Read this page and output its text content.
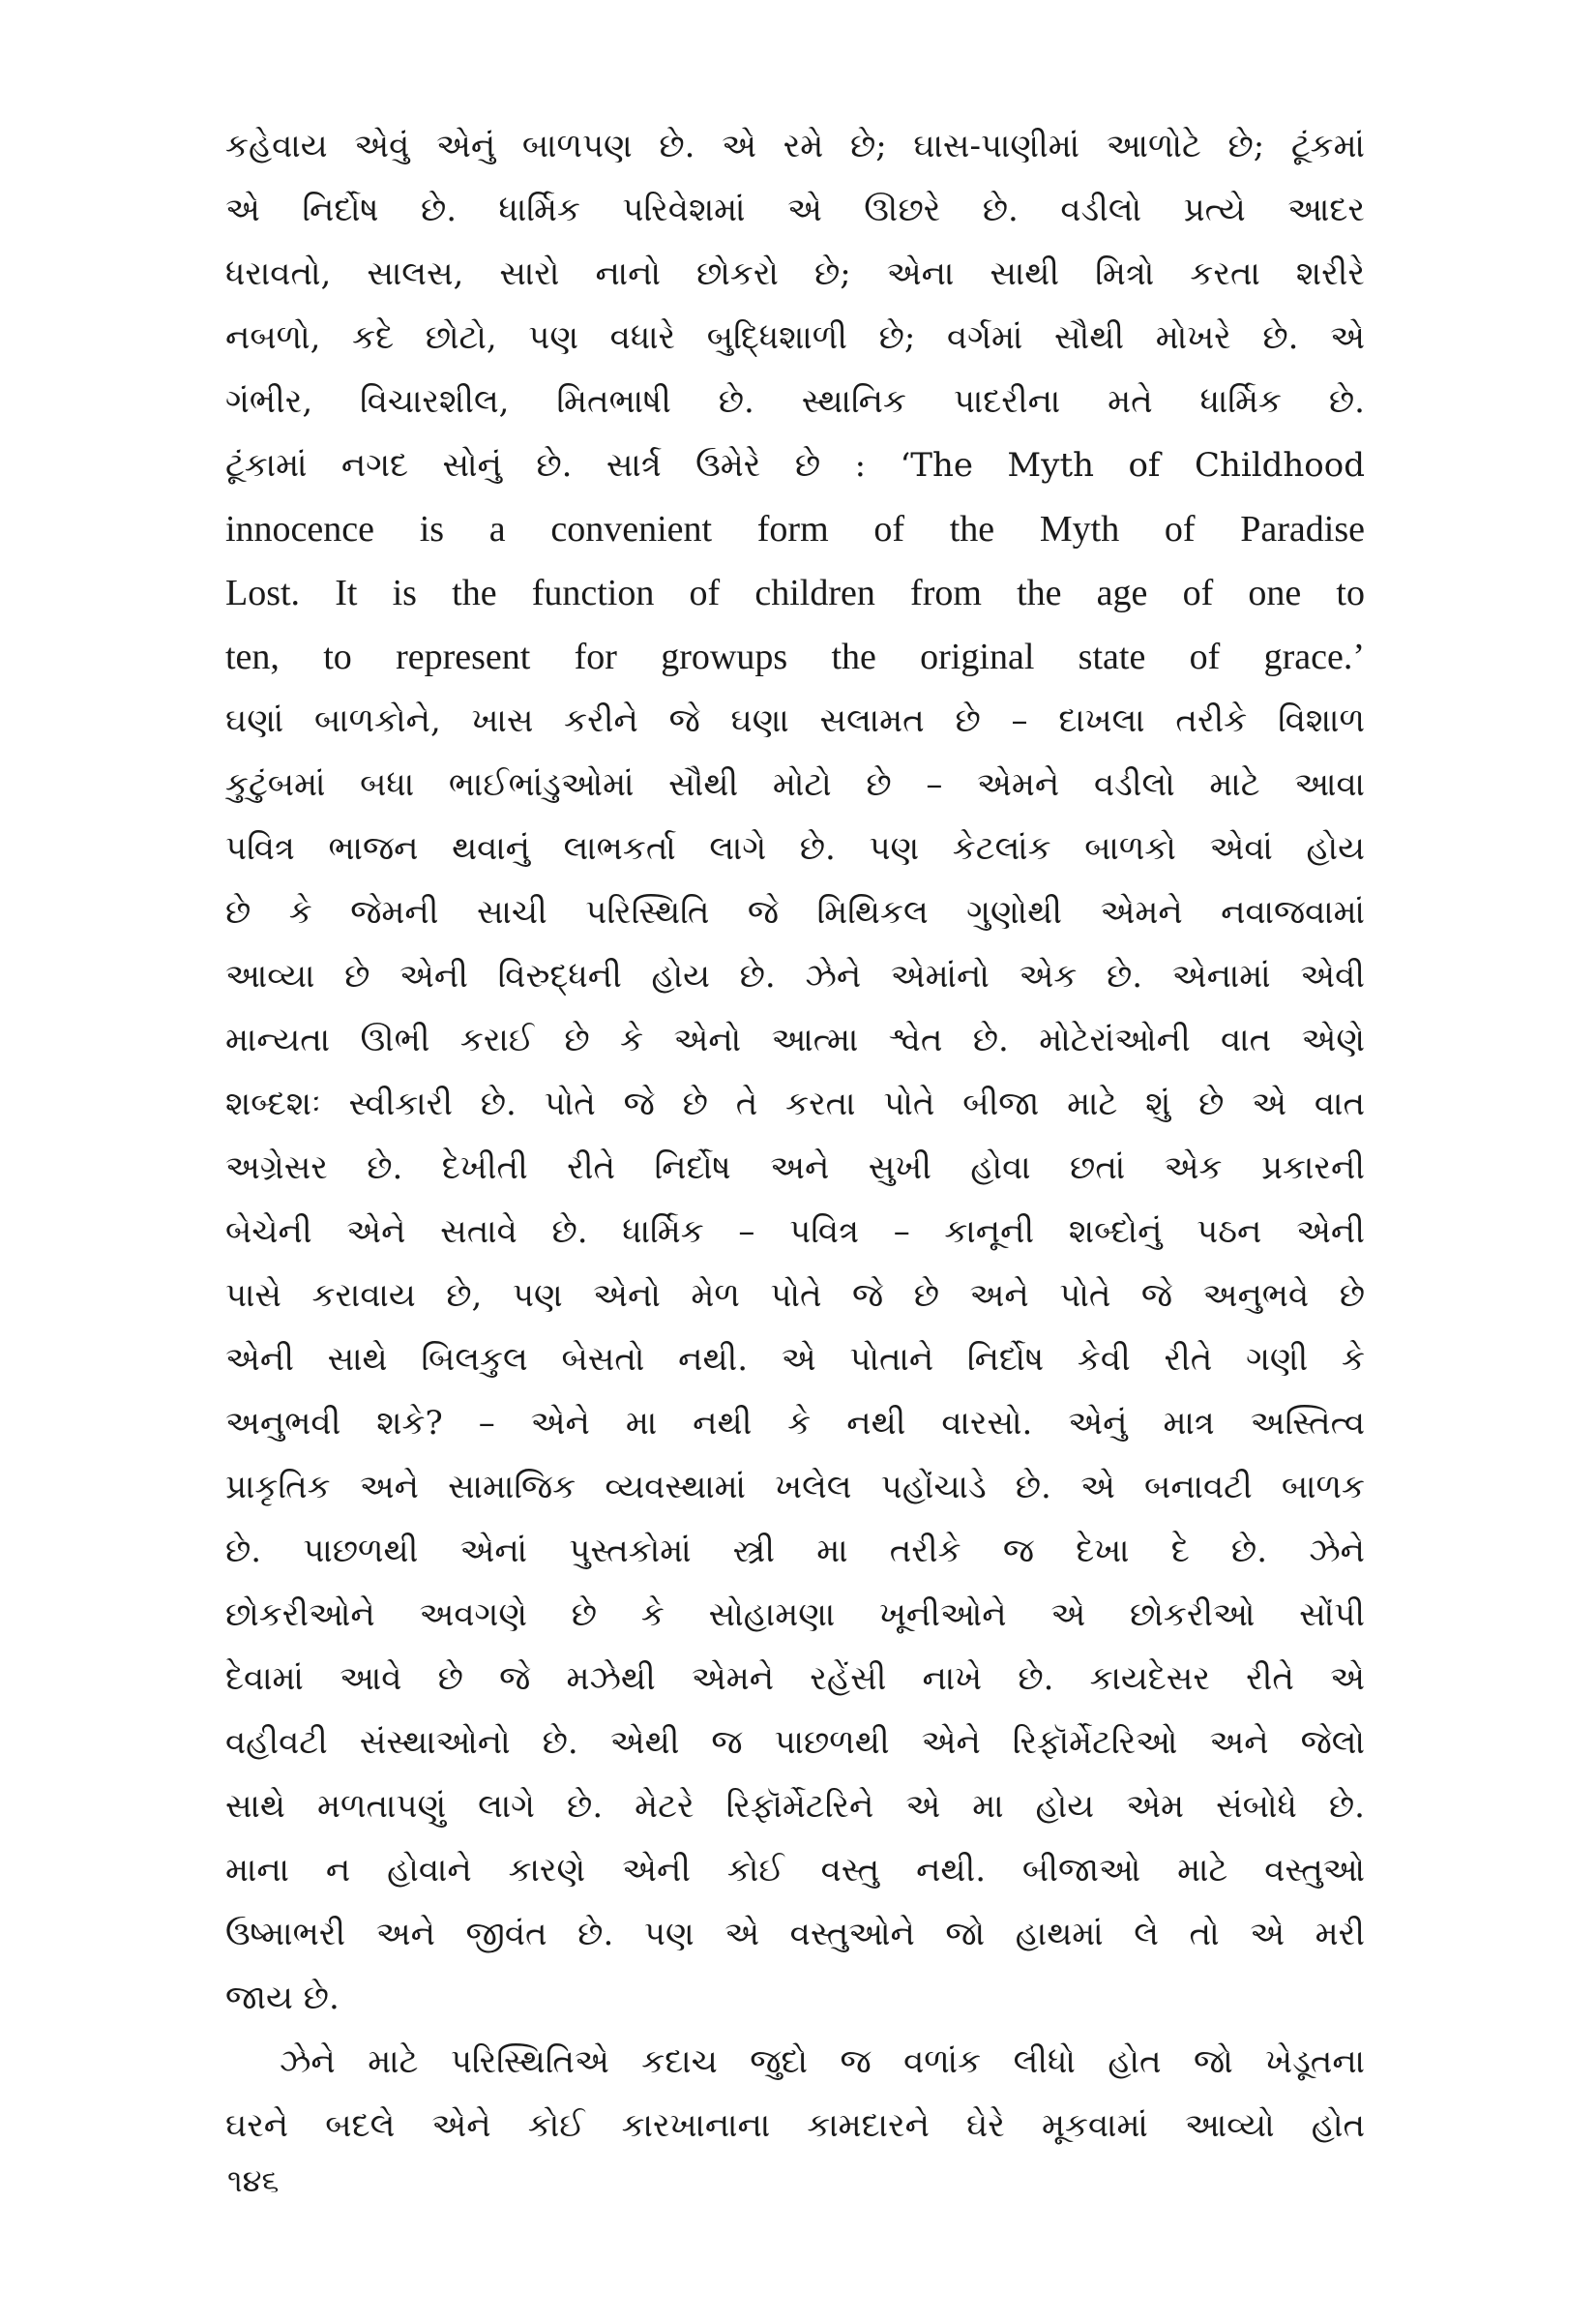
કહેવાય એવું એનું બાળપણ છે. એ રમે છે; ઘાસ-પાણીમાં આળોટે છે; ટૂંકમાં
એ નિર્દોષ છે. ધાર્મિક પરિવેશમાં એ ઊછરે છે. વડીલો પ્રત્યે આદર
ધરાવતો, સાલસ, સારો નાનો છોકરો છે; એના સાથી મિત્રો કરતા શરીરે
નબળો, કદે છોટો, પણ વધારે બુદ્ધિશાળી છે; વર્ગમાં સૌથી મોખરે છે. એ
ગંભીર, વિચારશીલ, મિતભાષી છે. સ્થાનિક પાદરીના મતે ધાર્મિક છે.
ટૂંકામાં નગદ સોનું છે. સાર્ત્ર ઉમેરે છે : ‘The Myth of Childhood
innocence is a convenient form of the Myth of Paradise
Lost. It is the function of children from the age of one to
ten, to represent for growups the original state of grace.’
ઘણાં બાળકોને, ખાસ કરીને જે ઘણા સલામત છે – દાખલા તરીકે વિશાળ
કુટુંબમાં બધા ભાઈભાંડુઓમાં સૌથી મોટો છે – એમને વડીલો માટે આવા
પવિત્ર ભાજન થવાનું લાભકર્તા લાગે છે. પણ કેટલાંક બાળકો એવાં હોય
છે કે જેમની સાચી પરિસ્થિતિ જે મિથિકલ ગુણોથી એમને નવાજવામાં
આવ્યા છે એની વિરુદ્ધની હોય છે. ઝેને એમાંનો એક છે. એનામાં એવી
માન્યતા ઊભી કરાઈ છે કે એનો આત્મા શ્વેત છે. મોટેરાંઓની વાત એણે
શબ્દશઃ સ્વીકારી છે. પોતે જે છે તે કરતા પોતે બીજા માટે શું છે એ વાત
અગ્રેસર છે. દેખીતી રીતે નિર્દોષ અને સુખી હોવા છતાં એક પ્રકારની
બેચેની એને સતાવે છે. ધાર્મિક – પવિત્ર – કાનૂની શબ્દોનું પઠન એની
પાસે કરાવાય છે, પણ એનો મેળ પોતે જે છે અને પોતે જે અનુભવે છે
એની સાથે બિલકુલ બેસતો નથી. એ પોતાને નિર્દોષ કેવી રીતે ગણી કે
અનુભવી શકે? – એને મા નથી કે નથી વારસો. એનું માત્ર અસ્તિત્વ
પ્રાકૃતિક અને સામાજિક વ્યવસ્થામાં ખલેલ પહોંચાડે છે. એ બનાવટી બાળક
છે. પાછળથી એનાં પુસ્તકોમાં સ્ત્રી મા તરીકે જ દેખા દે છે. ઝેને
છોકરીઓને અવગણે છે કે સોહામણા ખૂનીઓને એ છોકરીઓ સોંપી
દેવામાં આવે છે જે મઝેથી એમને રહેંસી નાખે છે. કાયદેસર રીતે એ
વહીવટી સંસ્થાઓનો છે. એથી જ પાછળથી એને રિફૉર્મેટરિઓ અને જેલો
સાથે મળતાપણું લાગે છે. મેટરે રિફૉર્મેટરિને એ મા હોય એમ સંબોધે છે.
માના ન હોવાને કારણે એની કોઈ વસ્તુ નથી. બીજાઓ માટે વસ્તુઓ
ઉષ્માભરી અને જીવંત છે. પણ એ વસ્તુઓને જો હાથમાં લે તો એ મરી
જાય છે.
ઝેને માટે પરિસ્થિતિએ કદાચ જુદો જ વળાંક લીધો હોત જો ખેડૂતના
ઘરને બદલે એને કોઈ કારખાનાના કામદારને ઘેરે મૂકવામાં આવ્યો હોત
૧૪૬
